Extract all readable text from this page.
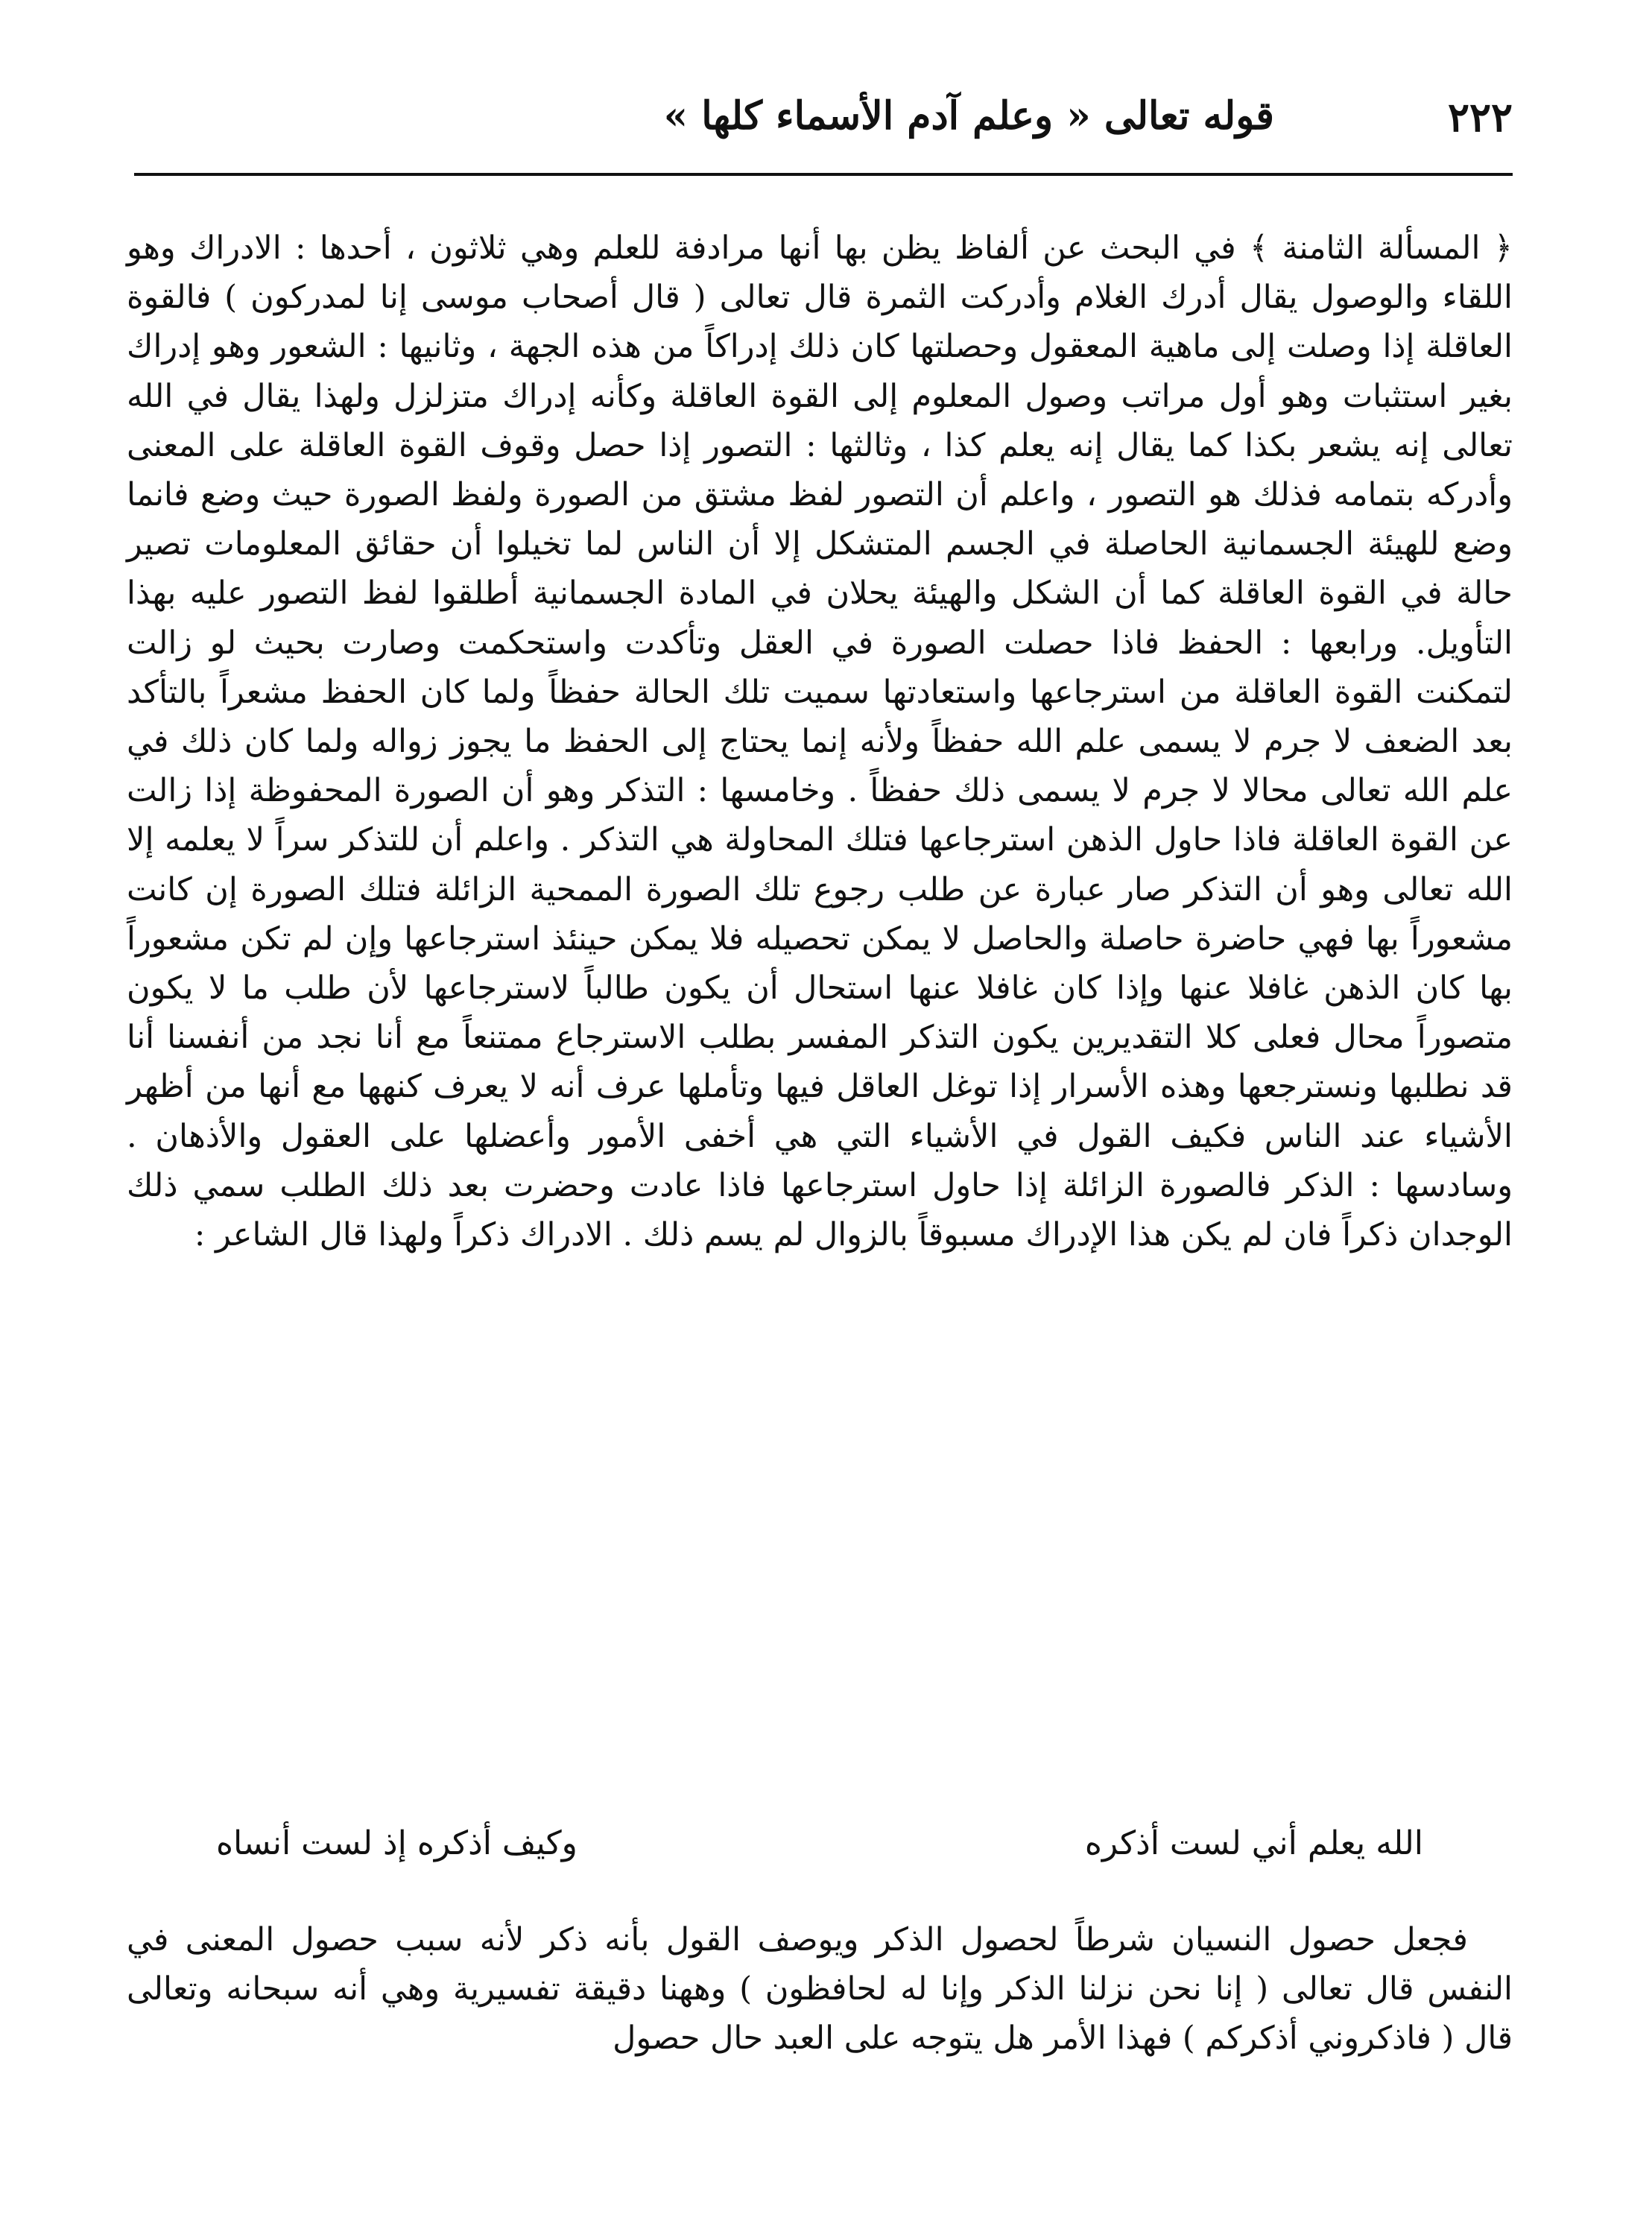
٢٢٢
قوله تعالى « وعلم آدم الأسماء كلها »

﴿ المسألة الثامنة ﴾ في البحث عن ألفاظ يظن بها أنها مرادفة للعلم وهي ثلاثون ، أحدها : الادراك وهو اللقاء والوصول يقال أدرك الغلام وأدركت الثمرة قال تعالى ( قال أصحاب موسى إنا لمدركون ) فالقوة العاقلة إذا وصلت إلى ماهية المعقول وحصلتها كان ذلك إدراكاً من هذه الجهة ، وثانيها : الشعور وهو إدراك بغير استثبات وهو أول مراتب وصول المعلوم إلى القوة العاقلة وكأنه إدراك متزلزل ولهذا يقال في الله تعالى إنه يشعر بكذا كما يقال إنه يعلم كذا ، وثالثها : التصور إذا حصل وقوف القوة العاقلة على المعنى وأدركه بتمامه فذلك هو التصور ، واعلم أن التصور لفظ مشتق من الصورة ولفظ الصورة حيث وضع فانما وضع للهيئة الجسمانية الحاصلة في الجسم المتشكل إلا أن الناس لما تخيلوا أن حقائق المعلومات تصير حالة في القوة العاقلة كما أن الشكل والهيئة يحلان في المادة الجسمانية أطلقوا لفظ التصور عليه بهذا التأويل. ورابعها : الحفظ فاذا حصلت الصورة في العقل وتأكدت واستحكمت وصارت بحيث لو زالت لتمكنت القوة العاقلة من استرجاعها واستعادتها سميت تلك الحالة حفظاً ولما كان الحفظ مشعراً بالتأكد بعد الضعف لا جرم لا يسمى علم الله حفظاً ولأنه إنما يحتاج إلى الحفظ ما يجوز زواله ولما كان ذلك في علم الله تعالى محالا لا جرم لا يسمى ذلك حفظاً . وخامسها : التذكر وهو أن الصورة المحفوظة إذا زالت عن القوة العاقلة فاذا حاول الذهن استرجاعها فتلك المحاولة هي التذكر . واعلم أن للتذكر سراً لا يعلمه إلا الله تعالى وهو أن التذكر صار عبارة عن طلب رجوع تلك الصورة الممحية الزائلة فتلك الصورة إن كانت مشعوراً بها فهي حاضرة حاصلة والحاصل لا يمكن تحصيله فلا يمكن حينئذ استرجاعها وإن لم تكن مشعوراً بها كان الذهن غافلا عنها وإذا كان غافلا عنها استحال أن يكون طالباً لاسترجاعها لأن طلب ما لا يكون متصوراً محال فعلى كلا التقديرين يكون التذكر المفسر بطلب الاسترجاع ممتنعاً مع أنا نجد من أنفسنا أنا قد نطلبها ونسترجعها وهذه الأسرار إذا توغل العاقل فيها وتأملها عرف أنه لا يعرف كنهها مع أنها من أظهر الأشياء عند الناس فكيف القول في الأشياء التي هي أخفى الأمور وأعضلها على العقول والأذهان . وسادسها : الذكر فالصورة الزائلة إذا حاول استرجاعها فاذا عادت وحضرت بعد ذلك الطلب سمي ذلك الوجدان ذكراً فان لم يكن هذا الإدراك مسبوقاً بالزوال لم يسم ذلك . الادراك ذكراً ولهذا قال الشاعر :

الله يعلم أني لست أذكره
وكيف أذكره إذ لست أنساه

فجعل حصول النسيان شرطاً لحصول الذكر ويوصف القول بأنه ذكر لأنه سبب حصول المعنى في النفس قال تعالى ( إنا نحن نزلنا الذكر وإنا له لحافظون ) وههنا دقيقة تفسيرية وهي أنه سبحانه وتعالى قال ( فاذكروني أذكركم ) فهذا الأمر هل يتوجه على العبد حال حصول
